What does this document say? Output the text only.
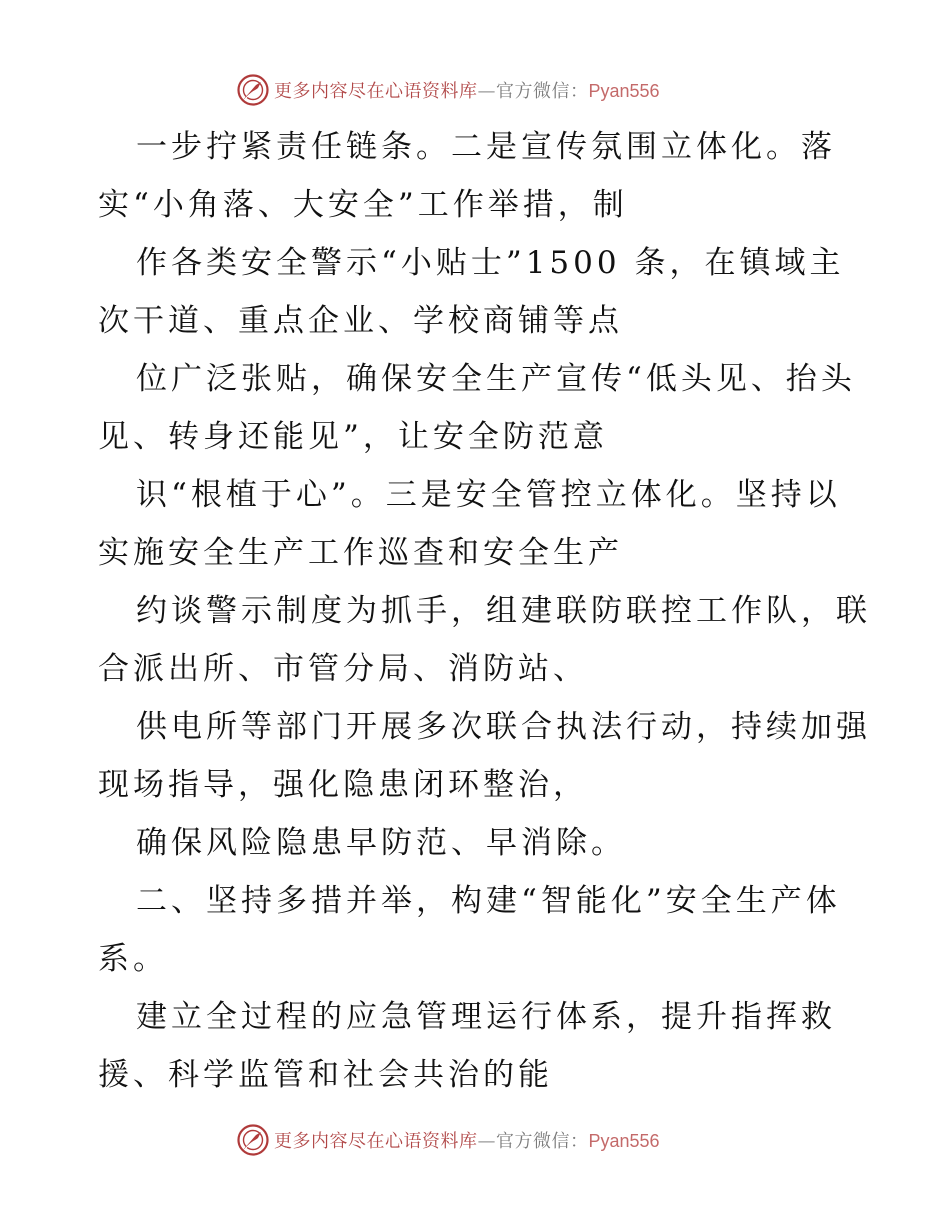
更多内容尽在心语资料库—官方微信：Pyan556
一步拧紧责任链条。二是宣传氛围立体化。落
实“小角落、大安全”工作举措，制
作各类安全警示“小贴士”1500 条，在镇域主
次干道、重点企业、学校商铺等点
位广泛张贴，确保安全生产宣传“低头见、抬头
见、转身还能见”，让安全防范意
识“根植于心”。三是安全管控立体化。坚持以
实施安全生产工作巡查和安全生产
约谈警示制度为抓手，组建联防联控工作队，联
合派出所、市管分局、消防站、
供电所等部门开展多次联合执法行动，持续加强
现场指导，强化隐患闭环整治，
确保风险隐患早防范、早消除。
二、坚持多措并举，构建“智能化”安全生产体
系。
建立全过程的应急管理运行体系，提升指挥救
援、科学监管和社会共治的能
更多内容尽在心语资料库—官方微信：Pyan556
